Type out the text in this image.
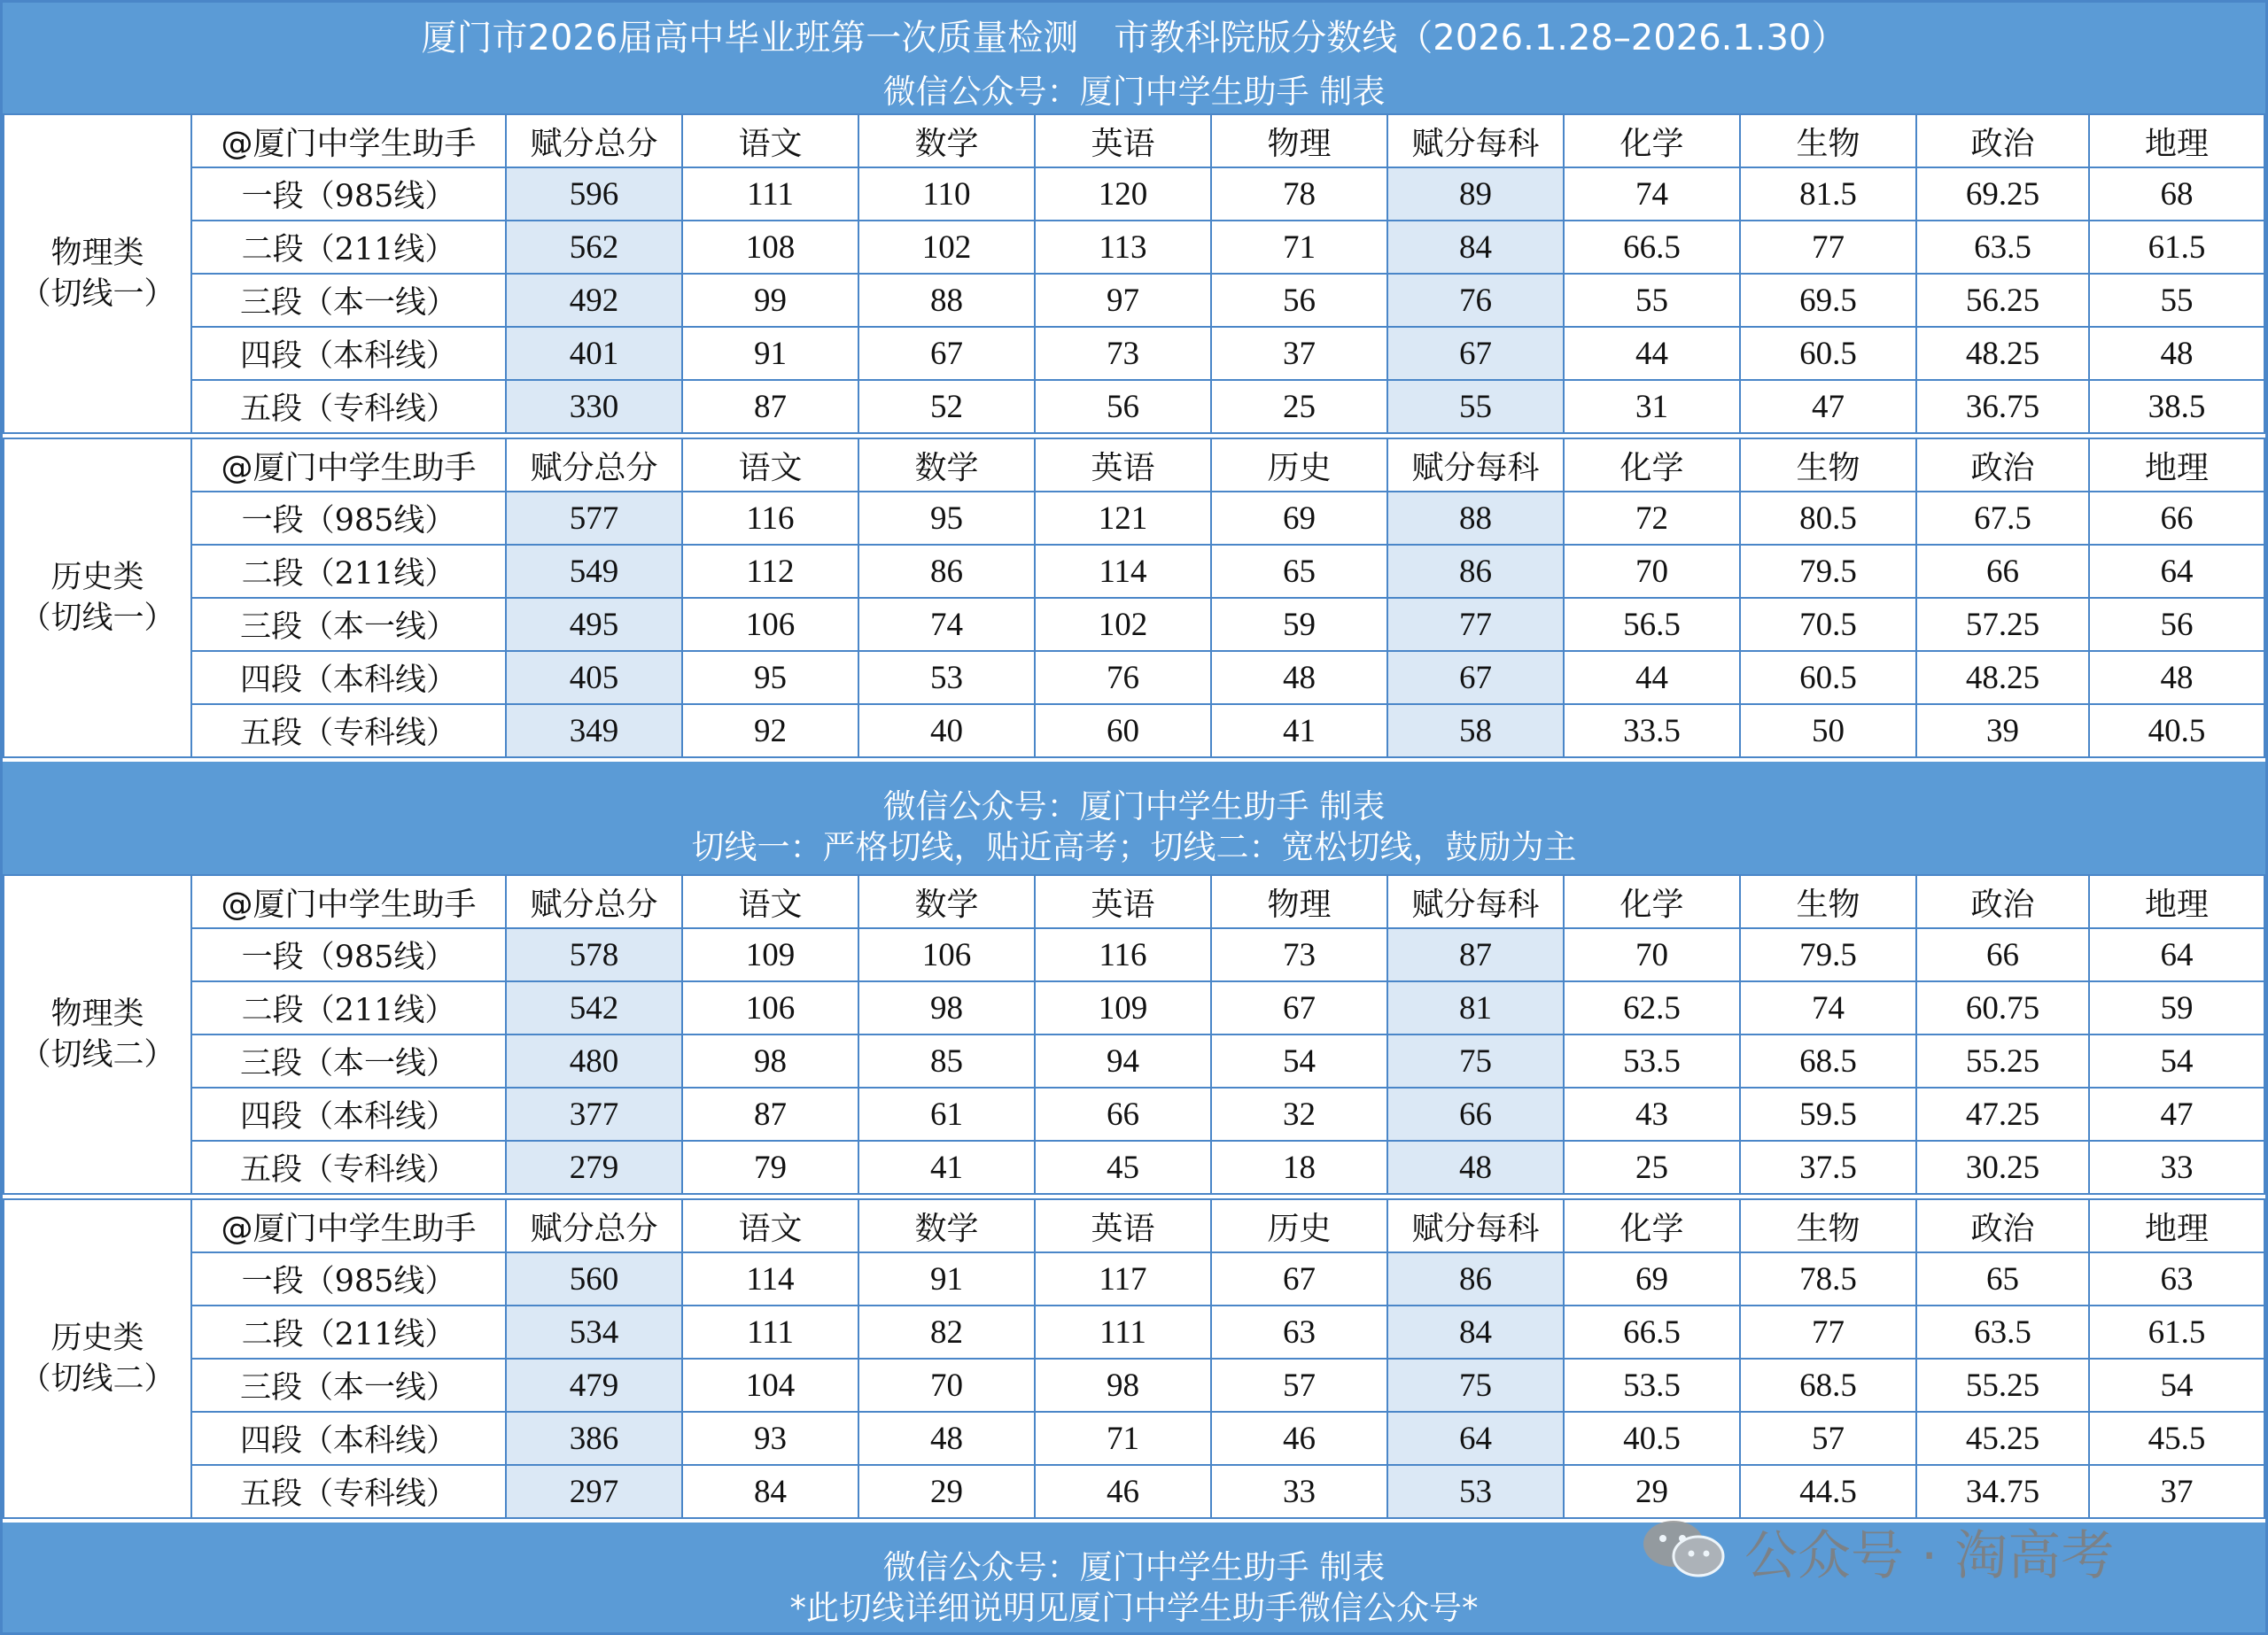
厦门市2026届高中毕业班第一次质量检测　市教科院版分数线（2026.1.28–2026.1.30）
微信公众号：厦门中学生助手 制表
物理类
（切线一）	@厦门中学生助手	赋分总分	语文	数学	英语	物理	赋分每科	化学	生物	政治	地理
	一段（985线）	596	111	110	120	78	89	74	81.5	69.25	68
	二段（211线）	562	108	102	113	71	84	66.5	77	63.5	61.5
	三段（本一线）	492	99	88	97	56	76	55	69.5	56.25	55
	四段（本科线）	401	91	67	73	37	67	44	60.5	48.25	48
	五段（专科线）	330	87	52	56	25	55	31	47	36.75	38.5
历史类
（切线一）	@厦门中学生助手	赋分总分	语文	数学	英语	历史	赋分每科	化学	生物	政治	地理
	一段（985线）	577	116	95	121	69	88	72	80.5	67.5	66
	二段（211线）	549	112	86	114	65	86	70	79.5	66	64
	三段（本一线）	495	106	74	102	59	77	56.5	70.5	57.25	56
	四段（本科线）	405	95	53	76	48	67	44	60.5	48.25	48
	五段（专科线）	349	92	40	60	41	58	33.5	50	39	40.5
微信公众号：厦门中学生助手 制表
切线一：严格切线，贴近高考；切线二：宽松切线，鼓励为主
物理类
（切线二）	@厦门中学生助手	赋分总分	语文	数学	英语	物理	赋分每科	化学	生物	政治	地理
	一段（985线）	578	109	106	116	73	87	70	79.5	66	64
	二段（211线）	542	106	98	109	67	81	62.5	74	60.75	59
	三段（本一线）	480	98	85	94	54	75	53.5	68.5	55.25	54
	四段（本科线）	377	87	61	66	32	66	43	59.5	47.25	47
	五段（专科线）	279	79	41	45	18	48	25	37.5	30.25	33
历史类
（切线二）	@厦门中学生助手	赋分总分	语文	数学	英语	历史	赋分每科	化学	生物	政治	地理
	一段（985线）	560	114	91	117	67	86	69	78.5	65	63
	二段（211线）	534	111	82	111	63	84	66.5	77	63.5	61.5
	三段（本一线）	479	104	70	98	57	75	53.5	68.5	55.25	54
	四段（本科线）	386	93	48	71	46	64	40.5	57	45.25	45.5
	五段（专科线）	297	84	29	46	33	53	29	44.5	34.75	37
微信公众号：厦门中学生助手 制表
*此切线详细说明见厦门中学生助手微信公众号*
公众号 · 淘高考
